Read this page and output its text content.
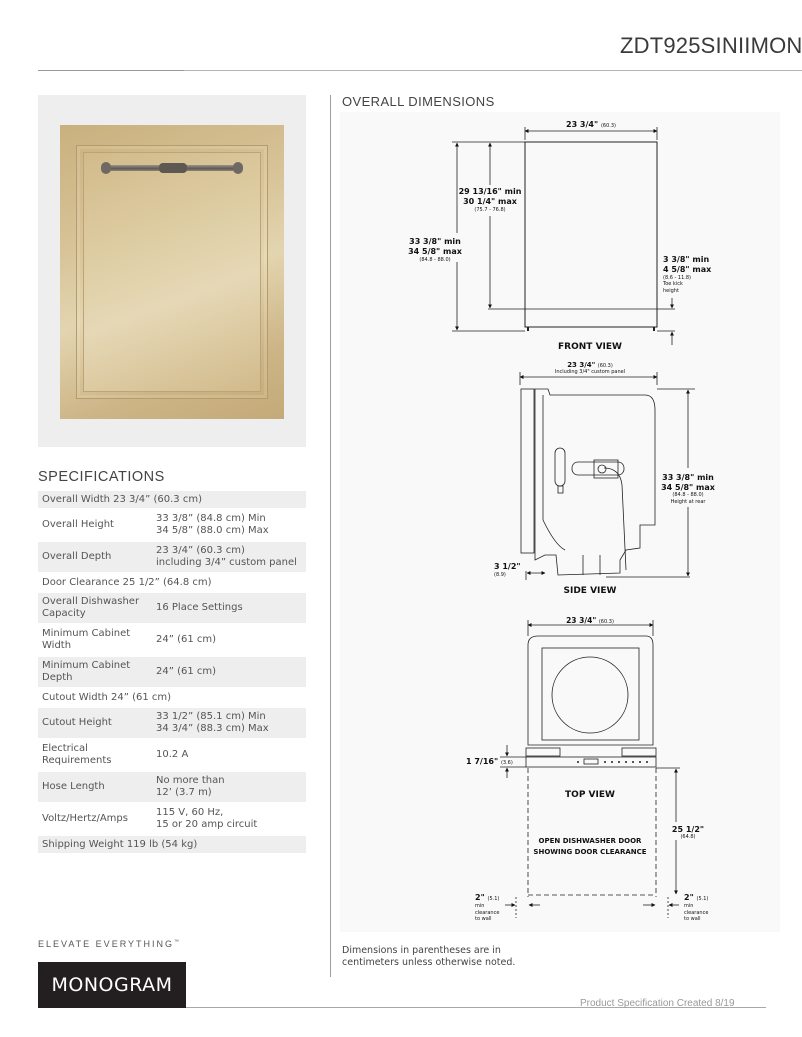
ZDT925SINIIMON
SPECIFICATIONS
Overall Width 23 3/4” (60.3 cm)
Overall Height
33 3/8” (84.8 cm) Min
34 5/8” (88.0 cm) Max
Overall Depth
23 3/4” (60.3 cm)
including 3/4” custom panel
Door Clearance 25 1/2” (64.8 cm)
Overall Dishwasher Capacity
16 Place Settings
Minimum Cabinet Width
24” (61 cm)
Minimum Cabinet Depth
24” (61 cm)
Cutout Width 24” (61 cm)
Cutout Height
33 1/2” (85.1 cm) Min
34 3/4” (88.3 cm) Max
Electrical Requirements
10.2 A
Hose Length
No more than
12’ (3.7 m)
Voltz/Hertz/Amps
115 V, 60 Hz,
15 or 20 amp circuit
Shipping Weight 119 lb (54 kg)
ELEVATE EVERYTHING™
MONOGRAM
Product Specification Created 8/19
OVERALL DIMENSIONS
23 3/4" (60.3)
29 13/16" min
30 1/4" max
(75.7 - 76.8)
33 3/8" min
34 5/8" max
(84.8 - 88.0)	3 3/8" min
4 5/8" max
(8.6 - 11.8)
Toe kick
height
FRONT VIEW
23 3/4" (60.3)
Including 3/4" custom panel
33 3/8" min
34 5/8" max
(84.8 - 88.0)
Height at rear
3 1/2"
(8.9)
SIDE VIEW
23 3/4" (60.3)
1 7/16" (3.6)
TOP VIEW
OPEN DISHWASHER DOOR
SHOWING DOOR CLEARANCE
25 1/2"
(64.8)
2" (5.1)
min
clearance
to wall
2" (5.1)
min
clearance
to wall
Dimensions in parentheses are in
centimeters unless otherwise noted.
